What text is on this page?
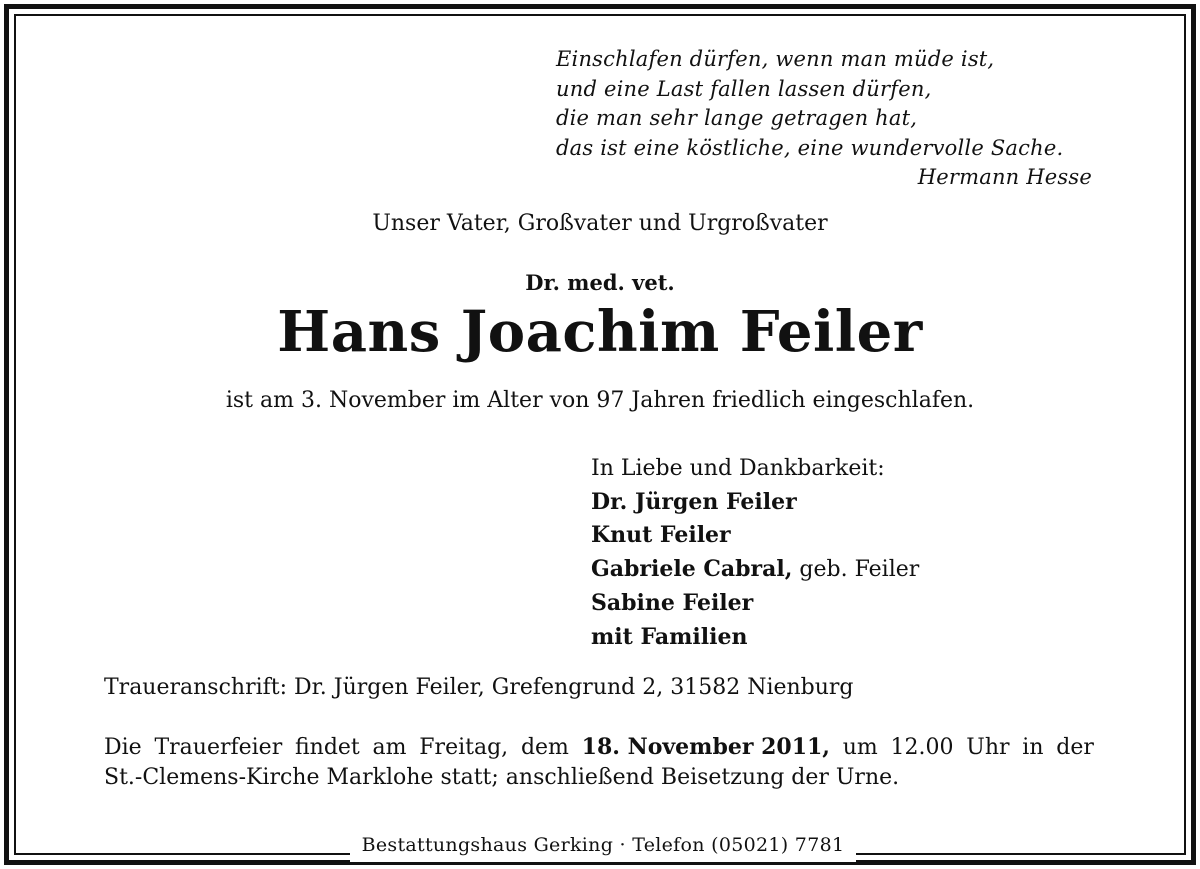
Einschlafen dürfen, wenn man müde ist,
und eine Last fallen lassen dürfen,
die man sehr lange getragen hat,
das ist eine köstliche, eine wundervolle Sache.
Hermann Hesse
Unser Vater, Großvater und Urgroßvater
Dr. med. vet.
Hans Joachim Feiler
ist am 3. November im Alter von 97 Jahren friedlich eingeschlafen.
In Liebe und Dankbarkeit:
Dr. Jürgen Feiler
Knut Feiler
Gabriele Cabral, geb. Feiler
Sabine Feiler
mit Familien
Traueranschrift: Dr. Jürgen Feiler, Grefengrund 2, 31582 Nienburg
Die Trauerfeier findet am Freitag, dem 18. November 2011, um 12.00 Uhr in der
St.-Clemens-Kirche Marklohe statt; anschließend Beisetzung der Urne.
Bestattungshaus Gerking · Telefon (05021) 7781
